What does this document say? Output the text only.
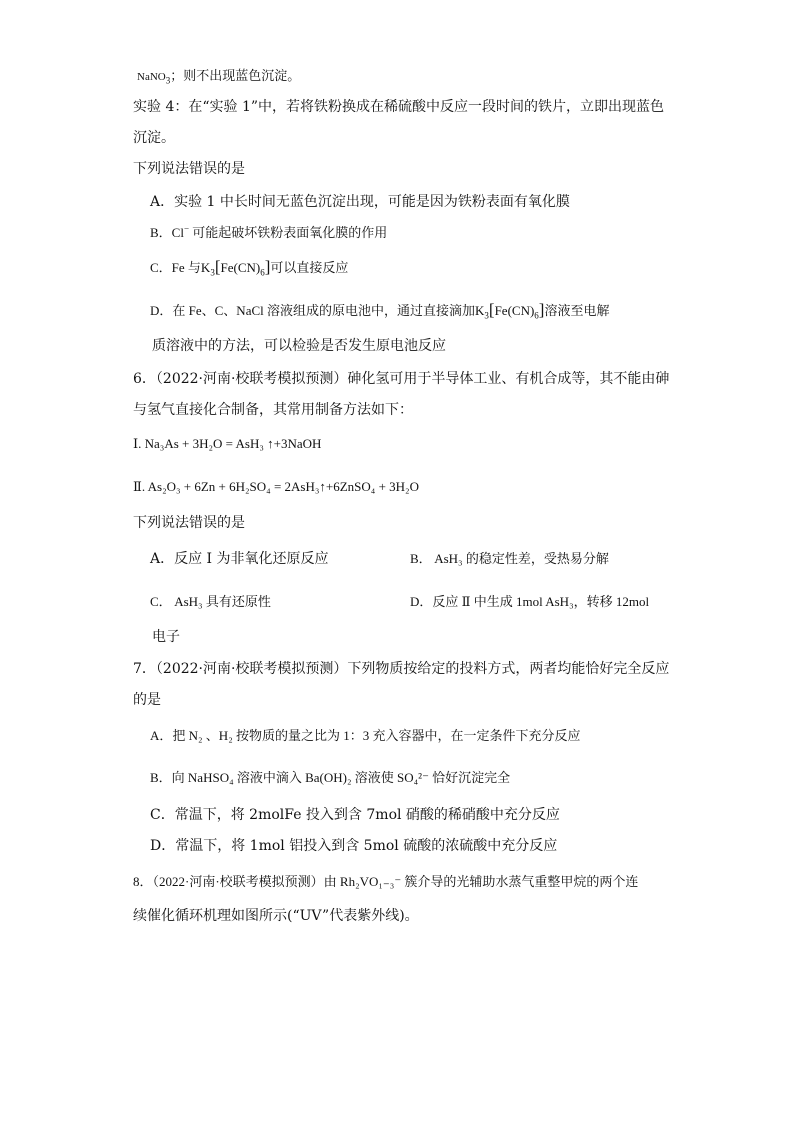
NaNO$_3$；则不出现蓝色沉淀。
实验 4：在“实验 1”中，若将铁粉换成在稀硫酸中反应一段时间的铁片，立即出现蓝色
沉淀。
下列说法错误的是
A．实验 1 中长时间无蓝色沉淀出现，可能是因为铁粉表面有氧化膜
B．Cl− 可能起破坏铁粉表面氧化膜的作用
C．Fe 与$K_3[Fe(CN)_6]$可以直接反应
D．在 Fe、C、NaCl 溶液组成的原电池中，通过直接滴加$K_3[Fe(CN)_6]$溶液至电解
质溶液中的方法，可以检验是否发生原电池反应
6．（2022·河南·校联考模拟预测）砷化氢可用于半导体工业、有机合成等，其不能由砷
与氢气直接化合制备，其常用制备方法如下：
Ⅰ. Na₃As + 3H₂O = AsH₃ ↑+3NaOH
Ⅱ. As₂O₃ + 6Zn + 6H₂SO₄ = 2AsH₃↑+6ZnSO₄ + 3H₂O
下列说法错误的是
A．反应 Ⅰ 为非氧化还原反应	B． AsH₃ 的稳定性差，受热易分解
C． AsH₃ 具有还原性	D．反应 Ⅱ 中生成 1mol AsH₃，转移 12mol
电子
7．（2022·河南·校联考模拟预测）下列物质按给定的投料方式，两者均能恰好完全反应
的是
A．把 N₂ 、H₂ 按物质的量之比为 1：3 充入容器中，在一定条件下充分反应
B．向 NaHSO₄ 溶液中滴入 Ba(OH)₂ 溶液使 SO₄²⁻ 恰好沉淀完全
C．常温下，将 2molFe 投入到含 7mol 硝酸的稀硝酸中充分反应
D．常温下，将 1mol 铝投入到含 5mol 硫酸的浓硫酸中充分反应
8．（2022·河南·校联考模拟预测）由 Rh₂VO₁₋₃⁻ 簇介导的光辅助水蒸气重整甲烷的两个连
续催化循环机理如图所示(“UV”代表紫外线)。
